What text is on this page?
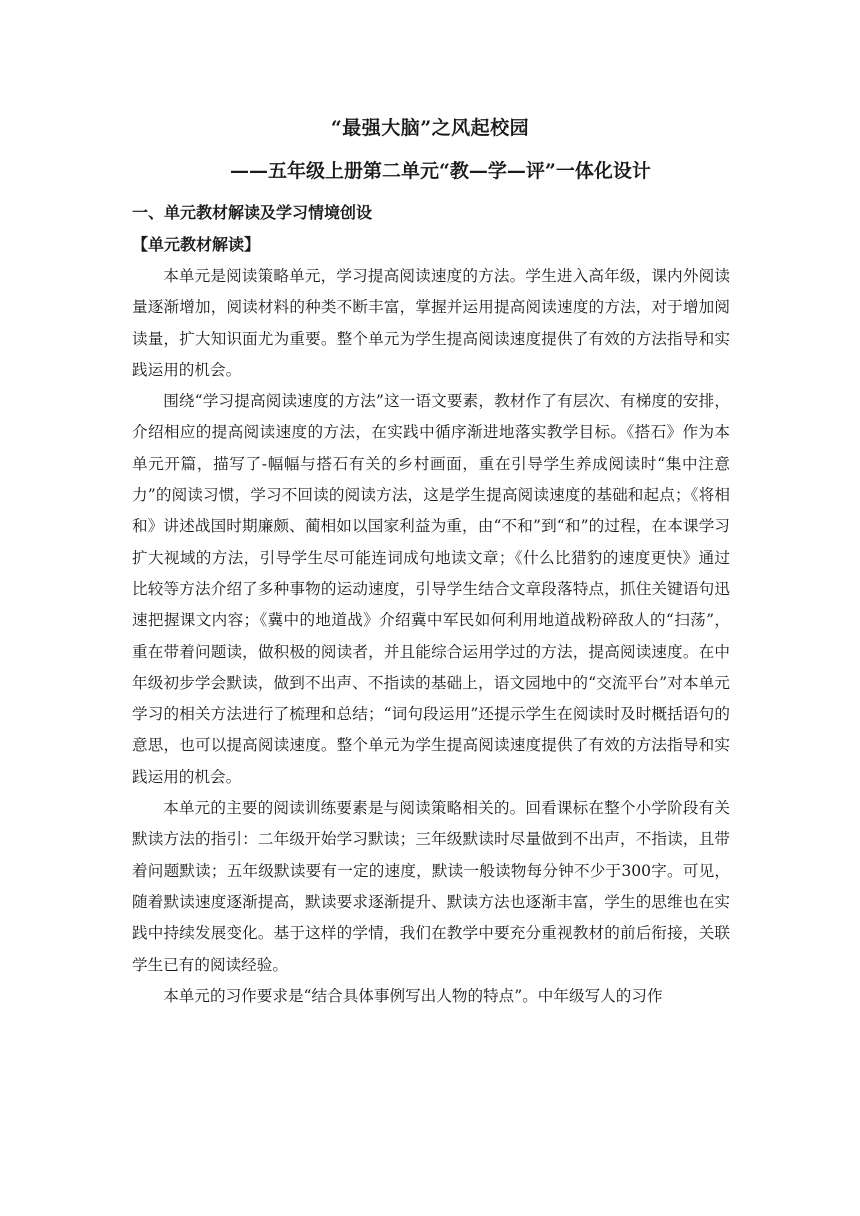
“最强大脑”之风起校园
——五年级上册第二单元“教—学—评”一体化设计
一、单元教材解读及学习情境创设
【单元教材解读】

本单元是阅读策略单元，学习提高阅读速度的方法。学生进入高年级，课内外阅读量逐渐增加，阅读材料的种类不断丰富，掌握并运用提高阅读速度的方法，对于增加阅读量，扩大知识面尤为重要。整个单元为学生提高阅读速度提供了有效的方法指导和实践运用的机会。

围绕“学习提高阅读速度的方法”这一语文要素，教材作了有层次、有梯度的安排，介绍相应的提高阅读速度的方法，在实践中循序渐进地落实教学目标。《搭石》作为本单元开篇，描写了-幅幅与搭石有关的乡村画面，重在引导学生养成阅读时“集中注意力”的阅读习惯，学习不回读的阅读方法，这是学生提高阅读速度的基础和起点；《将相和》讲述战国时期廉颇、蔺相如以国家利益为重，由“不和”到“和”的过程，在本课学习扩大视域的方法，引导学生尽可能连词成句地读文章；《什么比猎豹的速度更快》通过比较等方法介绍了多种事物的运动速度，引导学生结合文章段落特点，抓住关键语句迅速把握课文内容；《冀中的地道战》介绍冀中军民如何利用地道战粉碎敌人的“扫荡”，重在带着问题读，做积极的阅读者，并且能综合运用学过的方法，提高阅读速度。在中年级初步学会默读，做到不出声、不指读的基础上，语文园地中的“交流平台”对本单元学习的相关方法进行了梳理和总结；“词句段运用”还提示学生在阅读时及时概括语句的意思，也可以提高阅读速度。整个单元为学生提高阅读速度提供了有效的方法指导和实践运用的机会。

本单元的主要的阅读训练要素是与阅读策略相关的。回看课标在整个小学阶段有关默读方法的指引：二年级开始学习默读；三年级默读时尽量做到不出声，不指读，且带着问题默读；五年级默读要有一定的速度，默读一般读物每分钟不少于300字。可见，随着默读速度逐渐提高，默读要求逐渐提升、默读方法也逐渐丰富，学生的思维也在实践中持续发展变化。基于这样的学情，我们在教学中要充分重视教材的前后衔接，关联学生已有的阅读经验。

本单元的习作要求是“结合具体事例写出人物的特点”。中年级写人的习作
